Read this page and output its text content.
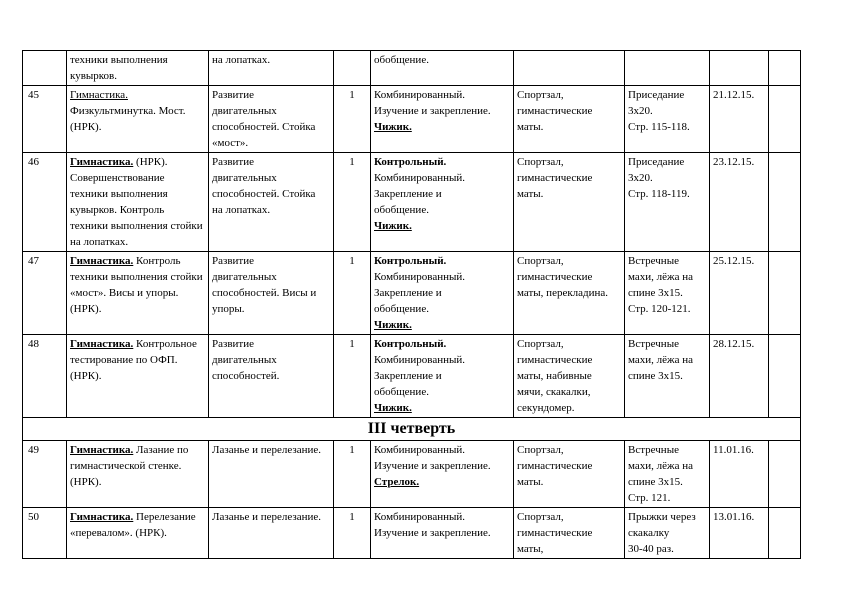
	техники выполнения
кувырков.	на лопатках.		обобщение.				

45	Гимнастика. Физкультминутка. Мост. (НРК).	Развитие
двигательных
способностей. Стойка
«мост».	1	Комбинированный.
Изучение и закрепление.
Чижик.	Спортзал,
гимнастические
маты.	Приседание
3х20.
Стр. 115-118.	21.12.15.	
46	Гимнастика. (НРК). Совершенствование техники выполнения кувырков. Контроль техники выполнения стойки на лопатках.	Развитие
двигательных
способностей. Стойка
на лопатках.	1	Контрольный.
Комбинированный.
Закрепление и
обобщение.
Чижик.	Спортзал,
гимнастические
маты.	Приседание
3х20.
Стр. 118-119.	23.12.15.	
47	Гимнастика. Контроль техники выполнения стойки «мост». Висы и упоры. (НРК).	Развитие
двигательных
способностей. Висы и
упоры.	1	Контрольный.
Комбинированный.
Закрепление и
обобщение.
Чижик.	Спортзал,
гимнастические
маты, перекладина.	Встречные
махи, лёжа на
спине 3х15.
Стр. 120-121.	25.12.15.	
48	Гимнастика. Контрольное тестирование по ОФП. (НРК).	Развитие
двигательных
способностей.	1	Контрольный.
Комбинированный.
Закрепление и
обобщение.
Чижик.	Спортзал,
гимнастические
маты, набивные
мячи, скакалки,
секундомер.	Встречные
махи, лёжа на
спине 3х15.	28.12.15.	
III четверть								
49	Гимнастика. Лазание по гимнастической стенке. (НРК).	Лазанье и перелезание.	1	Комбинированный.
Изучение и закрепление.
Стрелок.	Спортзал,
гимнастические
маты.	Встречные
махи, лёжа на
спине 3х15.
Стр. 121.	11.01.16.	
50	Гимнастика. Перелезание «перевалом». (НРК).	Лазанье и перелезание.	1	Комбинированный.
Изучение и закрепление.	Спортзал,
гимнастические
маты,	Прыжки через
скакалку
30-40 раз.	13.01.16.	
